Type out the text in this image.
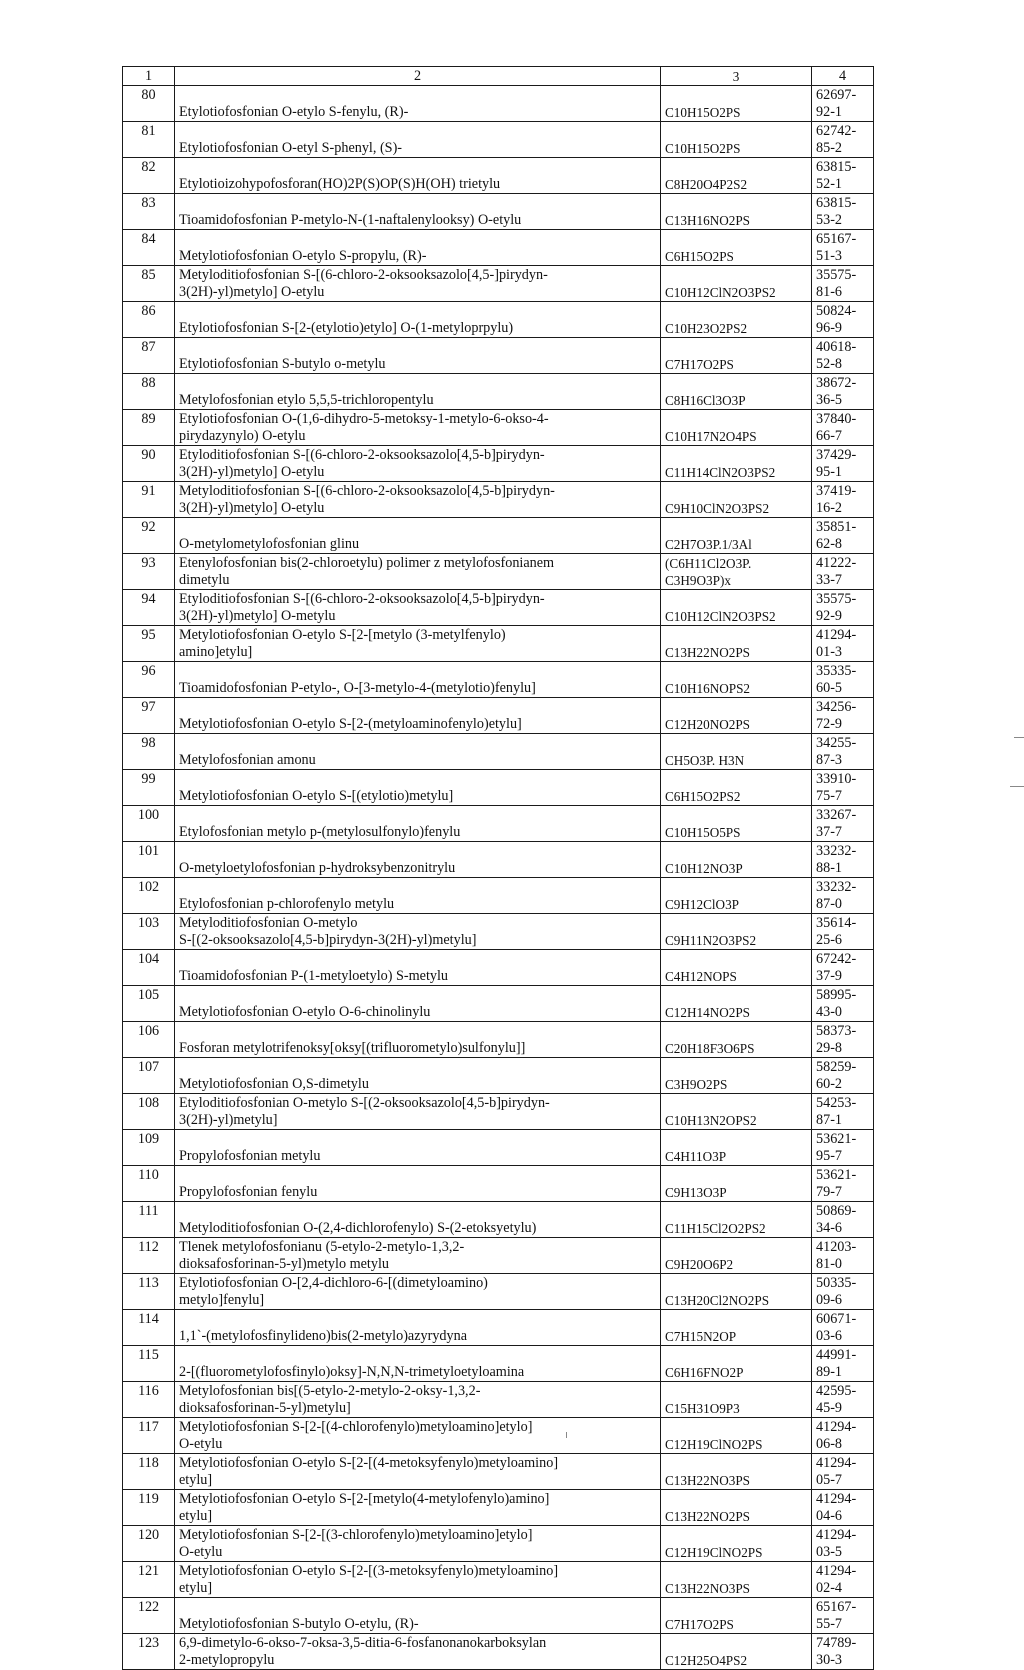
1	2	3	4
80	Etylotiofosfonian O-etylo S-fenylu, (R)-	C10H15O2PS	62697-92-1
81	Etylotiofosfonian O-etyl S-phenyl, (S)-	C10H15O2PS	62742-85-2
82	Etylotioizohypofosforan(HO)2P(S)OP(S)H(OH) trietylu	C8H20O4P2S2	63815-52-1
83	Tioamidofosfonian P-metylo-N-(1-naftalenylooksy) O-etylu	C13H16NO2PS	63815-53-2
84	Metylotiofosfonian O-etylo S-propylu, (R)-	C6H15O2PS	65167-51-3
85	Metyloditiofosfonian S-[(6-chloro-2-oksooksazolo[4,5-]pirydyn-
3(2H)-yl)metylo] O-etylu	C10H12ClN2O3PS2	35575-81-6
86	Etylotiofosfonian S-[2-(etylotio)etylo] O-(1-metyloprpylu)	C10H23O2PS2	50824-96-9
87	Etylotiofosfonian S-butylo o-metylu	C7H17O2PS	40618-52-8
88	Metylofosfonian etylo 5,5,5-trichloropentylu	C8H16Cl3O3P	38672-36-5
89	Etylotiofosfonian O-(1,6-dihydro-5-metoksy-1-metylo-6-okso-4-
pirydazynylo) O-etylu	C10H17N2O4PS	37840-66-7
90	Etyloditiofosfonian S-[(6-chloro-2-oksooksazolo[4,5-b]pirydyn-
3(2H)-yl)metylo] O-etylu	C11H14ClN2O3PS2	37429-95-1
91	Metyloditiofosfonian S-[(6-chloro-2-oksooksazolo[4,5-b]pirydyn-
3(2H)-yl)metylo] O-etylu	C9H10ClN2O3PS2	37419-16-2
92	O-metylometylofosfonian glinu	C2H7O3P.1/3Al	35851-62-8
93	Etenylofosfonian bis(2-chloroetylu) polimer z metylofosfonianem
dimetylu	(C6H11Cl2O3P.
C3H9O3P)x	41222-33-7
94	Etyloditiofosfonian S-[(6-chloro-2-oksooksazolo[4,5-b]pirydyn-
3(2H)-yl)metylo] O-metylu	C10H12ClN2O3PS2	35575-92-9
95	Metylotiofosfonian O-etylo S-[2-[metylo (3-metylfenylo)
amino]etylu]	C13H22NO2PS	41294-01-3
96	Tioamidofosfonian P-etylo-, O-[3-metylo-4-(metylotio)fenylu]	C10H16NOPS2	35335-60-5
97	Metylotiofosfonian O-etylo S-[2-(metyloaminofenylo)etylu]	C12H20NO2PS	34256-72-9
98	Metylofosfonian amonu	CH5O3P. H3N	34255-87-3
99	Metylotiofosfonian O-etylo S-[(etylotio)metylu]	C6H15O2PS2	33910-75-7
100	Etylofosfonian metylo p-(metylosulfonylo)fenylu	C10H15O5PS	33267-37-7
101	O-metyloetylofosfonian p-hydroksybenzonitrylu	C10H12NO3P	33232-88-1
102	Etylofosfonian p-chlorofenylo metylu	C9H12ClO3P	33232-87-0
103	Metyloditiofosfonian O-metylo
S-[(2-oksooksazolo[4,5-b]pirydyn-3(2H)-yl)metylu]	C9H11N2O3PS2	35614-25-6
104	Tioamidofosfonian P-(1-metyloetylo) S-metylu	C4H12NOPS	67242-37-9
105	Metylotiofosfonian O-etylo O-6-chinolinylu	C12H14NO2PS	58995-43-0
106	Fosforan metylotrifenoksy[oksy[(trifluorometylo)sulfonylu]]	C20H18F3O6PS	58373-29-8
107	Metylotiofosfonian O,S-dimetylu	C3H9O2PS	58259-60-2
108	Etyloditiofosfonian O-metylo S-[(2-oksooksazolo[4,5-b]pirydyn-
3(2H)-yl)metylu]	C10H13N2OPS2	54253-87-1
109	Propylofosfonian metylu	C4H11O3P	53621-95-7
110	Propylofosfonian fenylu	C9H13O3P	53621-79-7
111	Metyloditiofosfonian O-(2,4-dichlorofenylo) S-(2-etoksyetylu)	C11H15Cl2O2PS2	50869-34-6
112	Tlenek metylofosfonianu (5-etylo-2-metylo-1,3,2-
dioksafosforinan-5-yl)metylo metylu	C9H20O6P2	41203-81-0
113	Etylotiofosfonian O-[2,4-dichloro-6-[(dimetyloamino)
metylo]fenylu]	C13H20Cl2NO2PS	50335-09-6
114	1,1`-(metylofosfinylideno)bis(2-metylo)azyrydyna	C7H15N2OP	60671-03-6
115	2-[(fluorometylofosfinylo)oksy]-N,N,N-trimetyloetyloamina	C6H16FNO2P	44991-89-1
116	Metylofosfonian bis[(5-etylo-2-metylo-2-oksy-1,3,2-
dioksafosforinan-5-yl)metylu]	C15H31O9P3	42595-45-9
117	Metylotiofosfonian S-[2-[(4-chlorofenylo)metyloamino]etylo]
O-etylu	C12H19ClNO2PS	41294-06-8
118	Metylotiofosfonian O-etylo S-[2-[(4-metoksyfenylo)metyloamino]
etylu]	C13H22NO3PS	41294-05-7
119	Metylotiofosfonian O-etylo S-[2-[metylo(4-metylofenylo)amino]
etylu]	C13H22NO2PS	41294-04-6
120	Metylotiofosfonian S-[2-[(3-chlorofenylo)metyloamino]etylo]
O-etylu	C12H19ClNO2PS	41294-03-5
121	Metylotiofosfonian O-etylo S-[2-[(3-metoksyfenylo)metyloamino]
etylu]	C13H22NO3PS	41294-02-4
122	Metylotiofosfonian S-butylo O-etylu, (R)-	C7H17O2PS	65167-55-7
123	6,9-dimetylo-6-okso-7-oksa-3,5-ditia-6-fosfanonanokarboksylan
2-metylopropylu	C12H25O4PS2	74789-30-3
